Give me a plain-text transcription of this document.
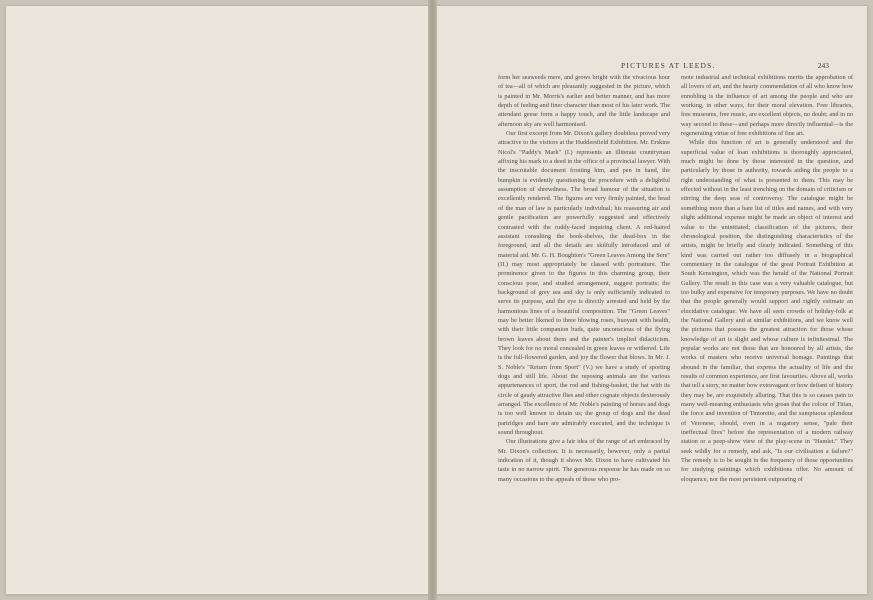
PICTURES AT LEEDS.	243

form her seaweeds mere, and grows bright with the vivacious hour of tea—all of which are pleasantly suggested in the picture, which is painted in Mr. Morris's earlier and better manner, and has more depth of feeling and finer character than most of his later work. The attendant geese form a happy touch, and the little landscape and afternoon sky are well harmonised.

Our first excerpt from Mr. Dixon's gallery doubtless proved very attractive to the visitors at the Huddersfield Exhibition. Mr. Erskine Nicol's "Paddy's Mark" (I.) represents an illiterate countryman affixing his mark to a deed in the office of a provincial lawyer. With the inscrutable document fronting him, and pen in hand, the bumpkin is evidently questioning the procedure with a delightful assumption of shrewdness. The broad humour of the situation is excellently rendered. The figures are very firmly painted, the head of the man of law is particularly individual; his reassuring air and gentle pacification are powerfully suggested and effectively contrasted with the ruddy-faced inquiring client. A red-haired assistant consulting the book-shelves, the dead-box in the foreground, and all the details are skilfully introduced and of material aid. Mr. G. H. Boughton's "Green Leaves Among the Sere" (II.) may most appropriately be classed with portraiture. The prominence given to the figures in this charming group, their conscious pose, and studied arrangement, suggest portraits; the background of grey sea and sky is only sufficiently indicated to serve its purpose, and the eye is directly arrested and held by the harmonious lines of a beautiful composition. The "Green Leaves" may be better likened to three blowing roses, buoyant with health, with their little companion buds, quite unconscious of the flying brown leaves about them and the painter's implied didacticism. They look for no moral concealed in green leaves or withered. Life is the full-flowered garden, and joy the flower that blows. In Mr. J. S. Noble's "Return from Sport" (V.) we have a study of sporting dogs and still life. About the reposing animals are the various appurtenances of sport, the rod and fishing-basket, the hat with its circle of gaudy attractive flies and other cognate objects dexterously arranged. The excellence of Mr. Noble's painting of horses and dogs is too well known to detain us; the group of dogs and the dead partridges and hare are admirably executed, and the technique is sound throughout.

Our illustrations give a fair idea of the range of art embraced by Mr. Dixon's collection. It is necessarily, however, only a partial indication of it, though it shows Mr. Dixon to have cultivated his taste in no narrow spirit. The generous response he has made on so many occasions to the appeals of those who pro-

mote industrial and technical exhibitions merits the approbation of all lovers of art, and the hearty commendation of all who know how ennobling is the influence of art among the people and who are working, in other ways, for their moral elevation. Free libraries, free museums, free music, are excellent objects, no doubt; and in no way second to these—and perhaps more directly influential—is the regenerating virtue of free exhibitions of fine art.

While this function of art is generally understood and the superficial value of loan exhibitions is thoroughly appreciated, much might be done by those interested in the question, and particularly by those in authority, towards aiding the people to a right understanding of what is presented to them. This may be effected without in the least trenching on the domain of criticism or stirring the deep seas of controversy. The catalogue might be something more than a bare list of titles and names, and with very slight additional expense might be made an object of interest and value to the uninitiated; classification of the pictures, their chronological position, the distinguishing characteristics of the artists, might be briefly and clearly indicated. Something of this kind was carried out rather too diffusely in a biographical commentary in the catalogue of the great Portrait Exhibition at South Kensington, which was the herald of the National Portrait Gallery. The result in this case was a very valuable catalogue, but too bulky and expensive for temporary purposes. We have no doubt that the people generally would support and rightly estimate an elucidative catalogue. We have all seen crowds of holiday-folk at the National Gallery and at similar exhibitions, and we know well the pictures that possess the greatest attraction for those whose knowledge of art is slight and whose culture is infinitesimal. The popular works are not those that are honoured by all artists, the works of masters who receive universal homage. Paintings that abound in the familiar, that express the actuality of life and the results of common experience, are first favourites. Above all, works that tell a story, no matter how extravagant or how defiant of history they may be, are exquisitely alluring. That this is so causes pain to many well-meaning enthusiasts who groan that the colour of Titian, the force and invention of Tintoretto, and the sumptuous splendour of Veronese, should, even in a nugatory sense, "pale their ineffectual fires" before the representation of a modern railway station or a peep-show view of the play-scene in "Hamlet." They seek wildly for a remedy, and ask, "Is our civilisation a failure?" The remedy is to be sought in the frequency of those opportunities for studying paintings which exhibitions offer. No amount of eloquence, nor the most persistent outpouring of
